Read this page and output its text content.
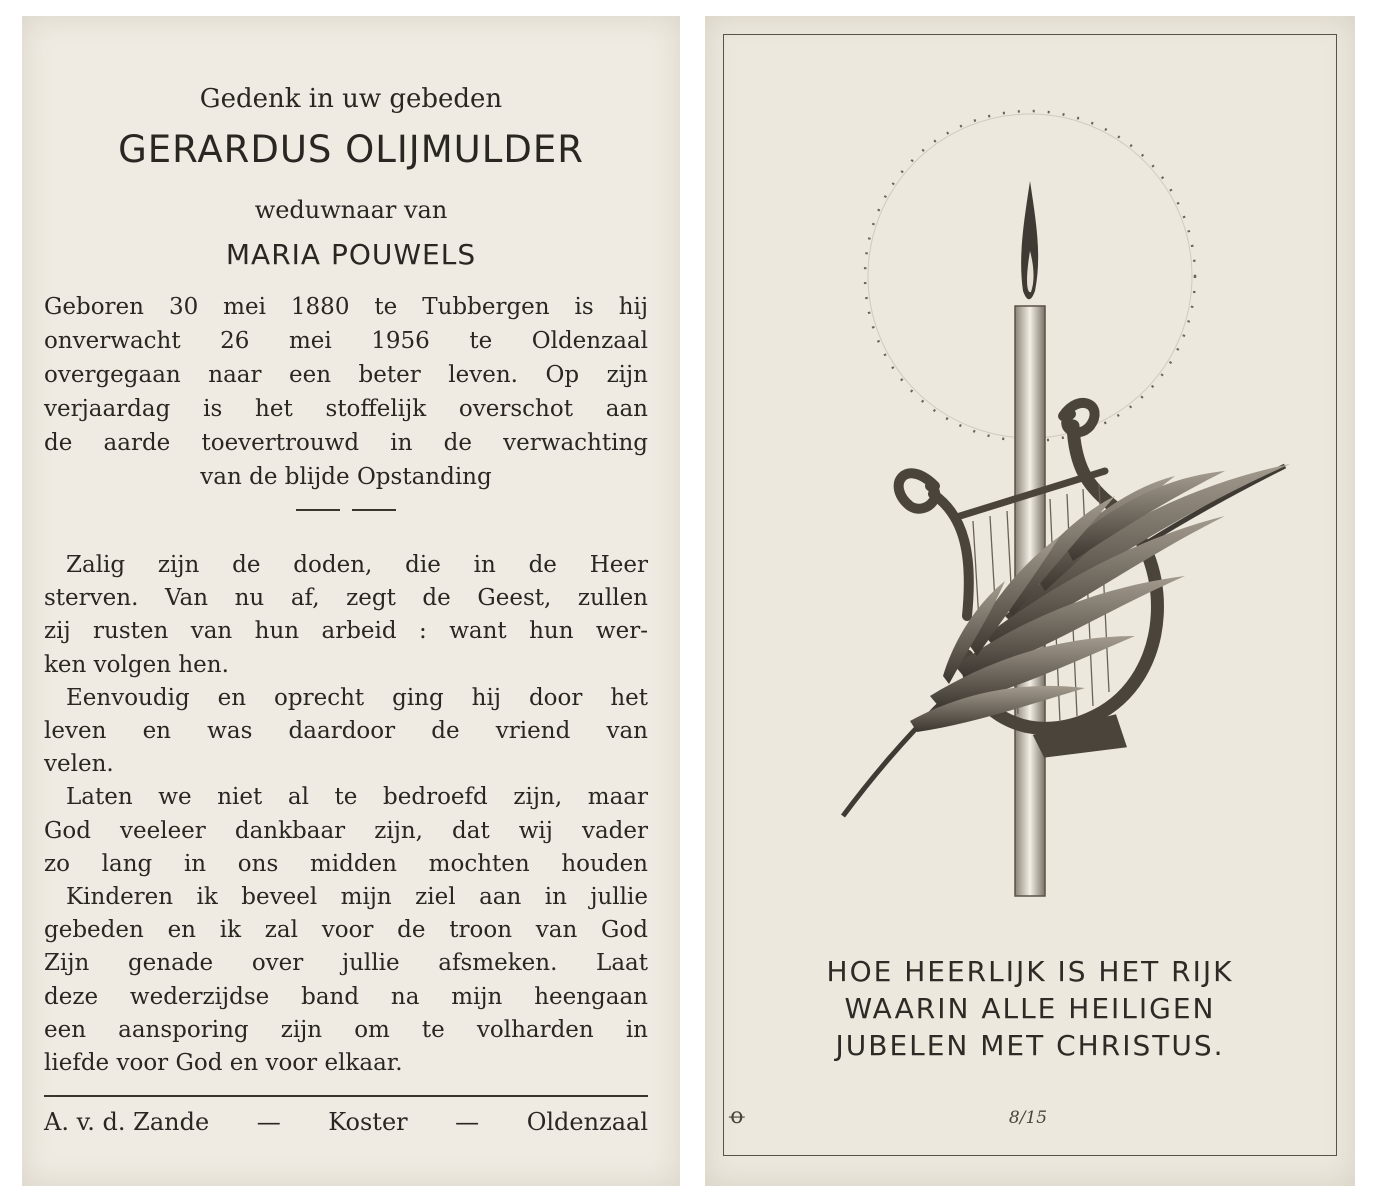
Gedenk in uw gebeden
GERARDUS OLIJMULDER
weduwnaar van
MARIA POUWELS
Geboren 30 mei 1880 te Tubbergen is hij
onverwacht 26 mei 1956 te Oldenzaal
overgegaan naar een beter leven. Op zijn
verjaardag is het stoffelijk overschot aan
de aarde toevertrouwd in de verwachting
van de blijde Opstanding
Zalig zijn de doden, die in de Heer
sterven. Van nu af, zegt de Geest, zullen
zij rusten van hun arbeid : want hun wer-
ken volgen hen.
Eenvoudig en oprecht ging hij door het
leven en was daardoor de vriend van
velen.
Laten we niet al te bedroefd zijn, maar
God veeleer dankbaar zijn, dat wij vader
zo lang in ons midden mochten houden
Kinderen ik beveel mijn ziel aan in jullie
gebeden en ik zal voor de troon van God
Zijn genade over jullie afsmeken. Laat
deze wederzijdse band na mijn heengaan
een aansporing zijn om te volharden in
liefde voor God en voor elkaar.
A. v. d. Zande — Koster — Oldenzaal
HOE HEERLIJK IS HET RIJK
WAARIN ALLE HEILIGEN
JUBELEN MET CHRISTUS.
ꝋ	8/15
